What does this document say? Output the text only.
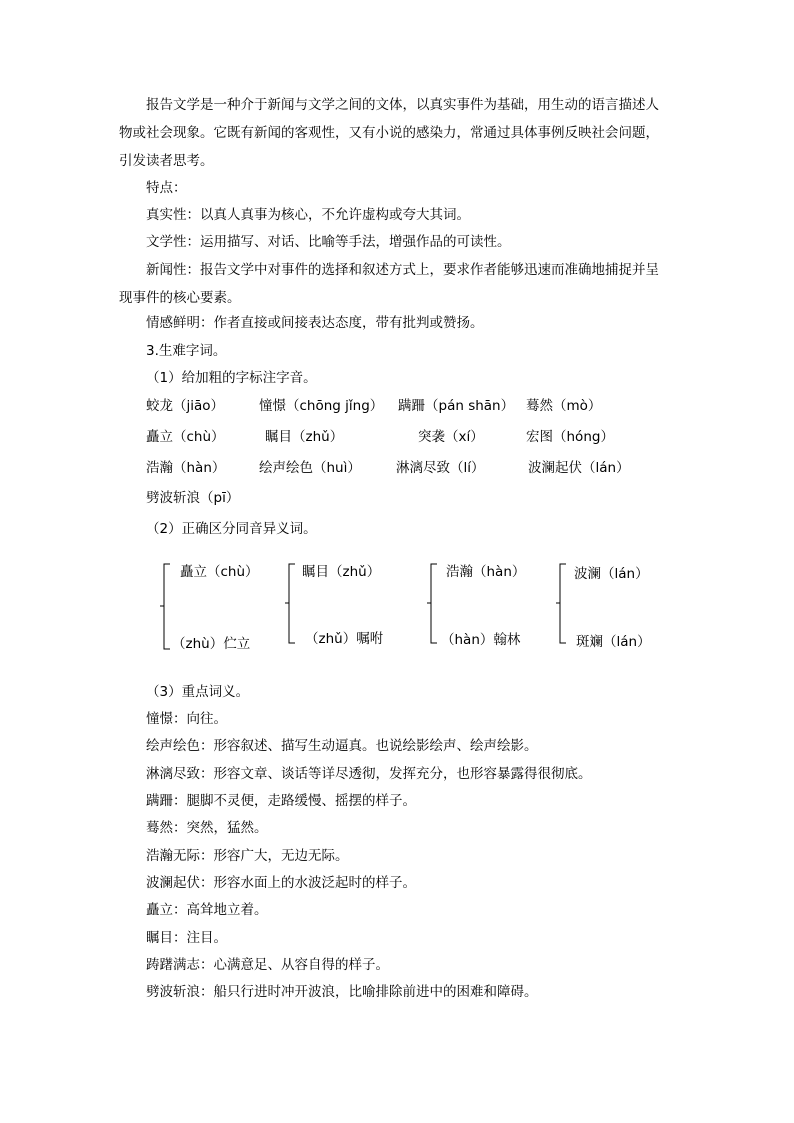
报告文学是一种介于新闻与文学之间的文体，以真实事件为基础，用生动的语言描述人
物或社会现象。它既有新闻的客观性，又有小说的感染力，常通过具体事例反映社会问题，
引发读者思考。
特点：
真实性：以真人真事为核心，不允许虚构或夸大其词。
文学性：运用描写、对话、比喻等手法，增强作品的可读性。
新闻性：报告文学中对事件的选择和叙述方式上，要求作者能够迅速而准确地捕捉并呈
现事件的核心要素。
情感鲜明：作者直接或间接表达态度，带有批判或赞扬。
3.生难字词。
（1）给加粗的字标注字音。
蛟龙（jiāo）	憧憬（chōng jǐng） 蹒跚（pán shān） 蓦然（mò）
矗立（chù）	瞩目（zhǔ）	突袭（xí）	宏图（hóng）
浩瀚（hàn） 绘声绘色（huì）	淋漓尽致（lí）	波澜起伏（lán）
劈波斩浪（pī）
（2）正确区分同音异义词。
矗立（chù）
（zhù）伫立
瞩目（zhǔ）
（zhǔ）嘱咐
浩瀚（hàn）
（hàn）翰林
波澜（lán）
斑斓（lán）
（3）重点词义。
憧憬：向往。
绘声绘色：形容叙述、描写生动逼真。也说绘影绘声、绘声绘影。
淋漓尽致：形容文章、谈话等详尽透彻，发挥充分，也形容暴露得很彻底。
蹒跚：腿脚不灵便，走路缓慢、摇摆的样子。
蓦然：突然，猛然。
浩瀚无际：形容广大，无边无际。
波澜起伏：形容水面上的水波泛起时的样子。
矗立：高耸地立着。
瞩目：注目。
踌躇满志：心满意足、从容自得的样子。
劈波斩浪：船只行进时冲开波浪，比喻排除前进中的困难和障碍。
